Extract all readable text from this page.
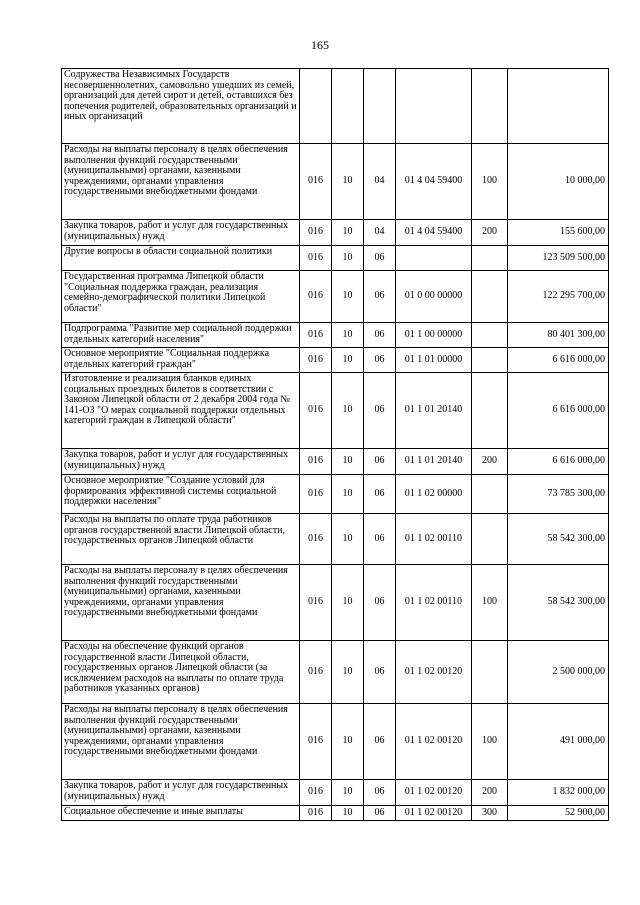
165
Содружества Независимых Государств несовершеннолетних, самовольно ушедших из семей, организаций для детей сирот и детей, оставшихся без попечения родителей, образовательных организаций и иных организаций						
Расходы на выплаты персоналу в целях обеспечения выполнения функций государственными (муниципальными) органами, казенными учреждениями, органами управления государственными внебюджетными фондами	016	10	04	01 4 04 59400	100	10 000,00
Закупка товаров, работ и услуг для государственных (муниципальных) нужд	016	10	04	01 4 04 59400	200	155 600,00
Другие вопросы в области социальной политики	016	10	06			123 509 500,00
Государственная программа Липецкой области "Социальная поддержка граждан, реализация семейно-демографической политики Липецкой области"	016	10	06	01 0 00 00000		122 295 700,00
Подпрограмма "Развитие мер социальной поддержки отдельных категорий населения"	016	10	06	01 1 00 00000		80 401 300,00
Основное мероприятие "Социальная поддержка отдельных категорий граждан"	016	10	06	01 1 01 00000		6 616 000,00
Изготовление и реализация бланков единых социальных проездных билетов в соответствии с Законом Липецкой области от 2 декабря 2004 года № 141-ОЗ "О мерах социальной поддержки отдельных категорий граждан в Липецкой области"	016	10	06	01 1 01 20140		6 616 000,00
Закупка товаров, работ и услуг для государственных (муниципальных) нужд	016	10	06	01 1 01 20140	200	6 616 000,00
Основное мероприятие "Создание условий для формирования эффективной системы социальной поддержки населения"	016	10	06	01 1 02 00000		73 785 300,00
Расходы на выплаты по оплате труда работников органов государственной власти Липецкой области, государственных органов Липецкой области	016	10	06	01 1 02 00110		58 542 300,00
Расходы на выплаты персоналу в целях обеспечения выполнения функций государственными (муниципальными) органами, казенными учреждениями, органами управления государственными внебюджетными фондами	016	10	06	01 1 02 00110	100	58 542 300,00
Расходы на обеспечение функций органов государственной власти Липецкой области, государственных органов Липецкой области (за исключением расходов на выплаты по оплате труда работников указанных органов)	016	10	06	01 1 02 00120		2 500 000,00
Расходы на выплаты персоналу в целях обеспечения выполнения функций государственными (муниципальными) органами, казенными учреждениями, органами управления государственными внебюджетными фондами	016	10	06	01 1 02 00120	100	491 000,00
Закупка товаров, работ и услуг для государственных (муниципальных) нужд	016	10	06	01 1 02 00120	200	1 832 000,00
Социальное обеспечение и иные выплаты	016	10	06	01 1 02 00120	300	52 900,00
